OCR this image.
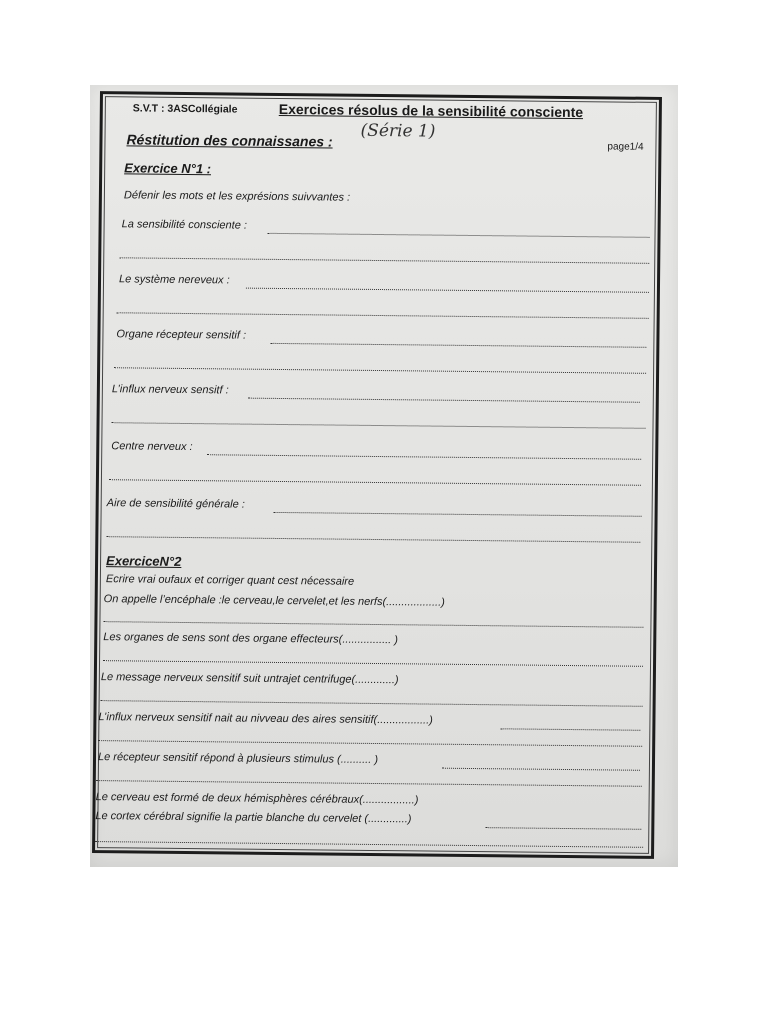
S.V.T : 3ASCollégiale	Exercices résolus de la sensibilité consciente
Réstitution des connaissanes : (Série 1)
page1/4
Exercice N°1 :
Défenir les mots et les exprésions suivvantes :
La sensibilité consciente :
Le système nereveux :
Organe récepteur sensitif :
L’influx nerveux sensitf :
Centre nerveux :
Aire de sensibilité générale :
ExerciceN°2
Ecrire vrai oufaux et corriger quant cest nécessaire
On appelle l’encéphale :le cerveau,le cervelet,et les nerfs(..................)
Les organes de sens sont des organe effecteurs(................ )
Le message nerveux sensitif suit untrajet centrifuge(.............)
L’influx nerveux sensitif nait au nivveau des aires sensitif(.................)
Le récepteur sensitif répond à plusieurs stimulus (.......... )
Le cerveau est formé de deux hémisphères cérébraux(.................)
Le cortex cérébral signifie la partie blanche du cervelet (.............)
